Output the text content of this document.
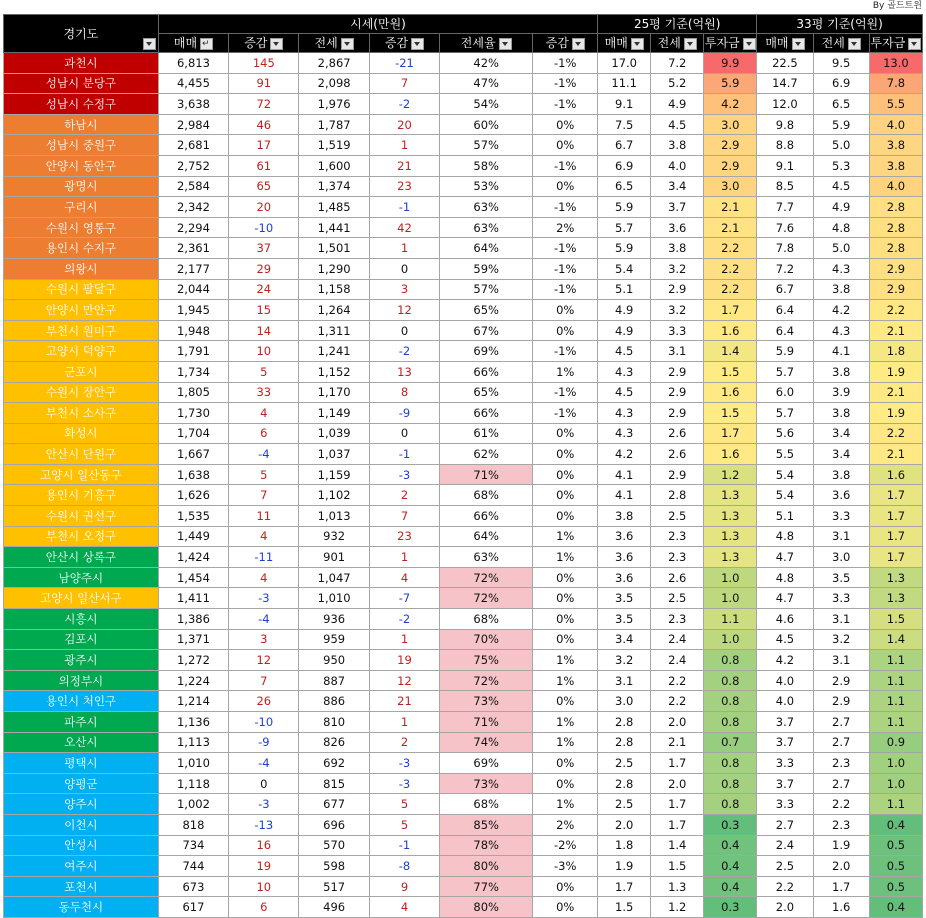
By 골드트윈
경기도	시세(만원)						25평 기준(억원)			33평 기준(억원)		
	매매↵	증감	전세	증감	전세율	증감	매매	전세	투자금	매매	전세	투자금
과천시	6,813	145	2,867	-21	42%	-1%	17.0	7.2	9.9	22.5	9.5	13.0
성남시 분당구	4,455	91	2,098	7	47%	-1%	11.1	5.2	5.9	14.7	6.9	7.8
성남시 수정구	3,638	72	1,976	-2	54%	-1%	9.1	4.9	4.2	12.0	6.5	5.5
하남시	2,984	46	1,787	20	60%	0%	7.5	4.5	3.0	9.8	5.9	4.0
성남시 중원구	2,681	17	1,519	1	57%	0%	6.7	3.8	2.9	8.8	5.0	3.8
안양시 동안구	2,752	61	1,600	21	58%	-1%	6.9	4.0	2.9	9.1	5.3	3.8
광명시	2,584	65	1,374	23	53%	0%	6.5	3.4	3.0	8.5	4.5	4.0
구리시	2,342	20	1,485	-1	63%	-1%	5.9	3.7	2.1	7.7	4.9	2.8
수원시 영통구	2,294	-10	1,441	42	63%	2%	5.7	3.6	2.1	7.6	4.8	2.8
용인시 수지구	2,361	37	1,501	1	64%	-1%	5.9	3.8	2.2	7.8	5.0	2.8
의왕시	2,177	29	1,290	0	59%	-1%	5.4	3.2	2.2	7.2	4.3	2.9
수원시 팔달구	2,044	24	1,158	3	57%	-1%	5.1	2.9	2.2	6.7	3.8	2.9
안양시 만안구	1,945	15	1,264	12	65%	0%	4.9	3.2	1.7	6.4	4.2	2.2
부천시 원미구	1,948	14	1,311	0	67%	0%	4.9	3.3	1.6	6.4	4.3	2.1
고양시 덕양구	1,791	10	1,241	-2	69%	-1%	4.5	3.1	1.4	5.9	4.1	1.8
군포시	1,734	5	1,152	13	66%	1%	4.3	2.9	1.5	5.7	3.8	1.9
수원시 장안구	1,805	33	1,170	8	65%	-1%	4.5	2.9	1.6	6.0	3.9	2.1
부천시 소사구	1,730	4	1,149	-9	66%	-1%	4.3	2.9	1.5	5.7	3.8	1.9
화성시	1,704	6	1,039	0	61%	0%	4.3	2.6	1.7	5.6	3.4	2.2
안산시 단원구	1,667	-4	1,037	-1	62%	0%	4.2	2.6	1.6	5.5	3.4	2.1
고양시 일산동구	1,638	5	1,159	-3	71%	0%	4.1	2.9	1.2	5.4	3.8	1.6
용인시 기흥구	1,626	7	1,102	2	68%	0%	4.1	2.8	1.3	5.4	3.6	1.7
수원시 권선구	1,535	11	1,013	7	66%	0%	3.8	2.5	1.3	5.1	3.3	1.7
부천시 오정구	1,449	4	932	23	64%	1%	3.6	2.3	1.3	4.8	3.1	1.7
안산시 상록구	1,424	-11	901	1	63%	1%	3.6	2.3	1.3	4.7	3.0	1.7
남양주시	1,454	4	1,047	4	72%	0%	3.6	2.6	1.0	4.8	3.5	1.3
고양시 일산서구	1,411	-3	1,010	-7	72%	0%	3.5	2.5	1.0	4.7	3.3	1.3
시흥시	1,386	-4	936	-2	68%	0%	3.5	2.3	1.1	4.6	3.1	1.5
김포시	1,371	3	959	1	70%	0%	3.4	2.4	1.0	4.5	3.2	1.4
광주시	1,272	12	950	19	75%	1%	3.2	2.4	0.8	4.2	3.1	1.1
의정부시	1,224	7	887	12	72%	1%	3.1	2.2	0.8	4.0	2.9	1.1
용인시 처인구	1,214	26	886	21	73%	0%	3.0	2.2	0.8	4.0	2.9	1.1
파주시	1,136	-10	810	1	71%	1%	2.8	2.0	0.8	3.7	2.7	1.1
오산시	1,113	-9	826	2	74%	1%	2.8	2.1	0.7	3.7	2.7	0.9
평택시	1,010	-4	692	-3	69%	0%	2.5	1.7	0.8	3.3	2.3	1.0
양평군	1,118	0	815	-3	73%	0%	2.8	2.0	0.8	3.7	2.7	1.0
양주시	1,002	-3	677	5	68%	1%	2.5	1.7	0.8	3.3	2.2	1.1
이천시	818	-13	696	5	85%	2%	2.0	1.7	0.3	2.7	2.3	0.4
안성시	734	16	570	-1	78%	-2%	1.8	1.4	0.4	2.4	1.9	0.5
여주시	744	19	598	-8	80%	-3%	1.9	1.5	0.4	2.5	2.0	0.5
포천시	673	10	517	9	77%	0%	1.7	1.3	0.4	2.2	1.7	0.5
동두천시	617	6	496	4	80%	0%	1.5	1.2	0.3	2.0	1.6	0.4
